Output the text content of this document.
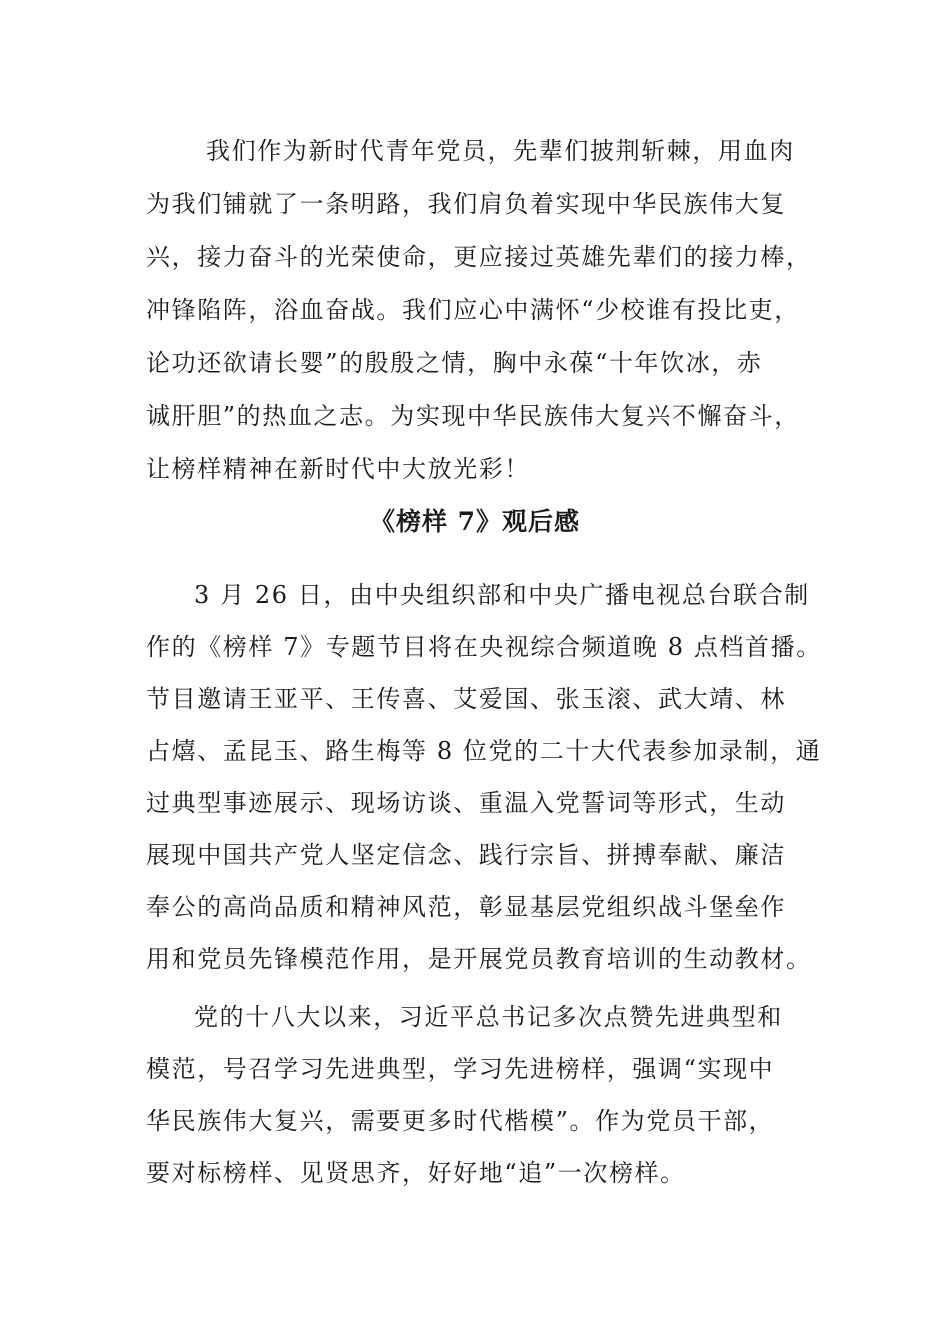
我们作为新时代青年党员，先辈们披荆斩棘，用血肉

为我们铺就了一条明路，我们肩负着实现中华民族伟大复

兴，接力奋斗的光荣使命，更应接过英雄先辈们的接力棒，

冲锋陷阵，浴血奋战。我们应心中满怀“少校谁有投比吏，

论功还欲请长婴”的殷殷之情，胸中永葆“十年饮冰，赤

诚肝胆”的热血之志。为实现中华民族伟大复兴不懈奋斗，

让榜样精神在新时代中大放光彩！

《榜样 7》观后感

3 月 26 日，由中央组织部和中央广播电视总台联合制

作的《榜样 7》专题节目将在央视综合频道晚 8 点档首播。

节目邀请王亚平、王传喜、艾爱国、张玉滚、武大靖、林

占熺、孟昆玉、路生梅等 8 位党的二十大代表参加录制，通

过典型事迹展示、现场访谈、重温入党誓词等形式，生动

展现中国共产党人坚定信念、践行宗旨、拼搏奉献、廉洁

奉公的高尚品质和精神风范，彰显基层党组织战斗堡垒作

用和党员先锋模范作用，是开展党员教育培训的生动教材。

党的十八大以来，习近平总书记多次点赞先进典型和

模范，号召学习先进典型，学习先进榜样，强调“实现中

华民族伟大复兴，需要更多时代楷模”。作为党员干部，

要对标榜样、见贤思齐，好好地“追”一次榜样。
